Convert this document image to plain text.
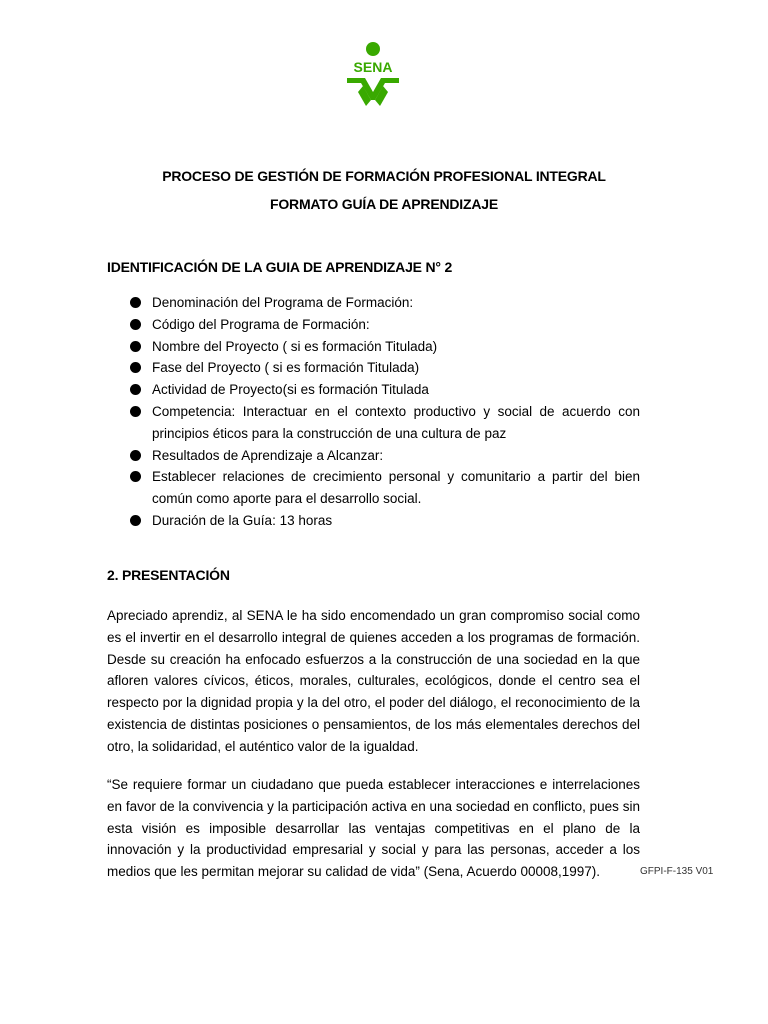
SENA
PROCESO DE GESTIÓN DE FORMACIÓN PROFESIONAL INTEGRAL
FORMATO GUÍA DE APRENDIZAJE
IDENTIFICACIÓN DE LA GUIA DE APRENDIZAJE N° 2
Denominación del Programa de Formación:
Código del Programa de Formación:
Nombre del Proyecto ( si es formación Titulada)
Fase del Proyecto ( si es formación Titulada)
Actividad de Proyecto(si es formación Titulada
Competencia: Interactuar en el contexto productivo y social de acuerdo con principios éticos para la construcción de una cultura de paz
Resultados de Aprendizaje a Alcanzar:
Establecer relaciones de crecimiento personal y comunitario a partir del bien común como aporte para el desarrollo social.
Duración de la Guía: 13 horas
2. PRESENTACIÓN

Apreciado aprendiz, al SENA le ha sido encomendado un gran compromiso social como es el invertir en el desarrollo integral de quienes acceden a los programas de formación. Desde su creación ha enfocado esfuerzos a la construcción de una sociedad en la que afloren valores cívicos, éticos, morales, culturales, ecológicos, donde el centro sea el respecto por la dignidad propia y la del otro, el poder del diálogo, el reconocimiento de la existencia de distintas posiciones o pensamientos, de los más elementales derechos del otro, la solidaridad, el auténtico valor de la igualdad.

“Se requiere formar un ciudadano que pueda establecer interacciones e interrelaciones en favor de la convivencia y la participación activa en una sociedad en conflicto, pues sin esta visión es imposible desarrollar las ventajas competitivas en el plano de la innovación y la productividad empresarial y social y para las personas, acceder a los medios que les permitan mejorar su calidad de vida” (Sena, Acuerdo 00008,1997).	GFPI-F-135 V01
